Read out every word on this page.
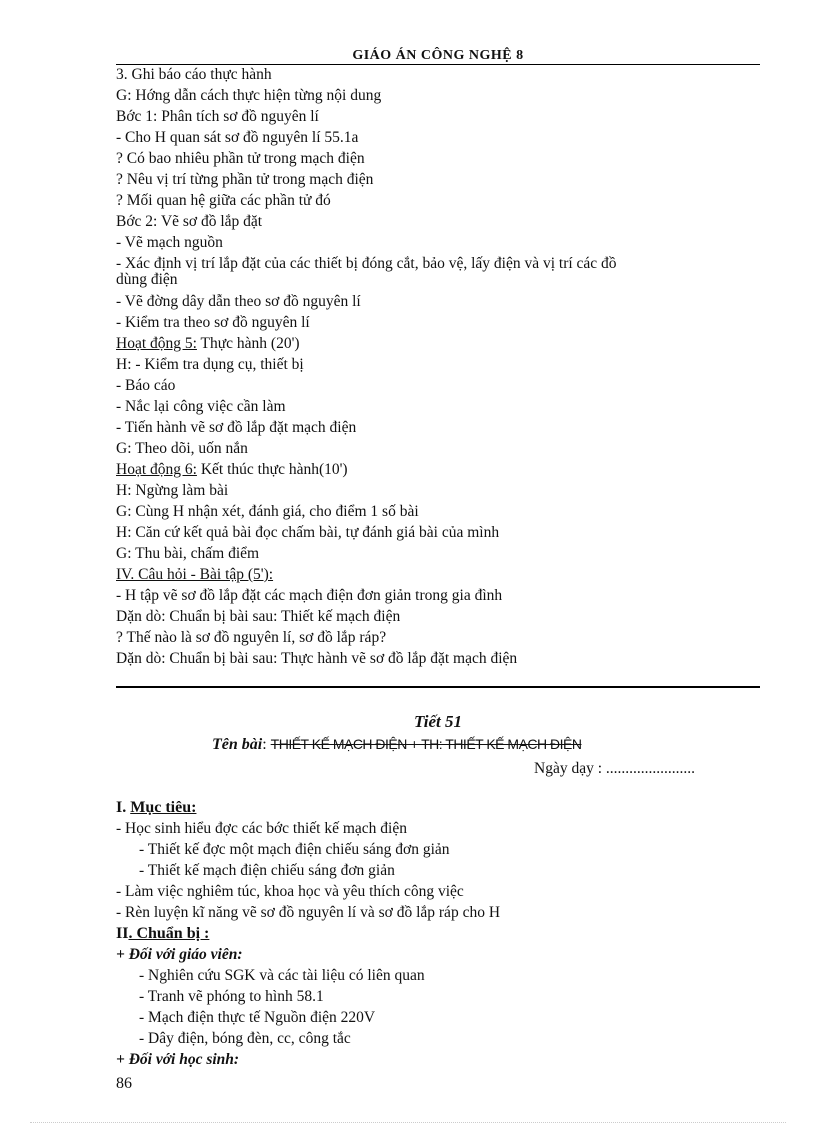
GIÁO ÁN CÔNG NGHỆ 8
3. Ghi báo cáo thực hành
G: Hớng dẫn cách thực hiện từng nội dung
Bớc 1: Phân tích sơ đồ nguyên lí
- Cho H quan sát sơ đồ nguyên lí 55.1a
? Có bao nhiêu phần tử trong mạch điện
? Nêu vị trí từng phần tử trong mạch điện
? Mối quan hệ giữa các phần tử đó
Bớc 2: Vẽ sơ đồ lắp đặt
- Vẽ mạch nguồn
- Xác định vị trí lắp đặt của các thiết bị đóng cắt, bảo vệ, lấy điện và vị trí các đồ
dùng điện
- Vẽ đờng dây dẫn theo sơ đồ nguyên lí
- Kiểm tra theo sơ đồ nguyên lí
Hoạt động 5: Thực hành (20')
H: - Kiểm tra dụng cụ, thiết bị
- Báo cáo
- Nắc lại công việc cần làm
- Tiến hành vẽ sơ đồ lắp đặt mạch điện
G: Theo dõi, uốn nắn
Hoạt động 6: Kết thúc thực hành(10')
H: Ngừng làm bài
G: Cùng H nhận xét, đánh giá, cho điểm 1 số bài
H: Căn cứ kết quả bài đọc chấm bài, tự đánh giá bài của mình
G: Thu bài, chấm điểm
IV. Câu hỏi - Bài tập (5'):
- H tập vẽ sơ đồ lắp đặt các mạch điện đơn giản trong gia đình
Dặn dò: Chuẩn bị bài sau: Thiết kế mạch điện
? Thế nào là sơ đồ nguyên lí, sơ đồ lắp ráp?
Dặn dò: Chuẩn bị bài sau: Thực hành vẽ sơ đồ lắp đặt mạch điện
Tiết 51
Tên bài: THIẾT KẾ MẠCH ĐIỆN + TH: THIẾT KẾ MẠCH ĐIỆN
Ngày dạy : .......................
I. Mục tiêu:
- Học sinh hiểu đợc các bớc thiết kế mạch điện
- Thiết kế đợc một mạch điện chiếu sáng đơn giản
- Thiết kế mạch điện chiếu sáng đơn giản
- Làm việc nghiêm túc, khoa học và yêu thích công việc
- Rèn luyện kĩ năng vẽ sơ đồ nguyên lí và sơ đồ lắp ráp cho H
II. Chuẩn bị :
+ Đối với giáo viên:
- Nghiên cứu SGK và các tài liệu có liên quan
- Tranh vẽ phóng to hình 58.1
- Mạch điện thực tế Nguồn điện 220V
- Dây điện, bóng đèn, cc, công tắc
+ Đối với học sinh:
86
